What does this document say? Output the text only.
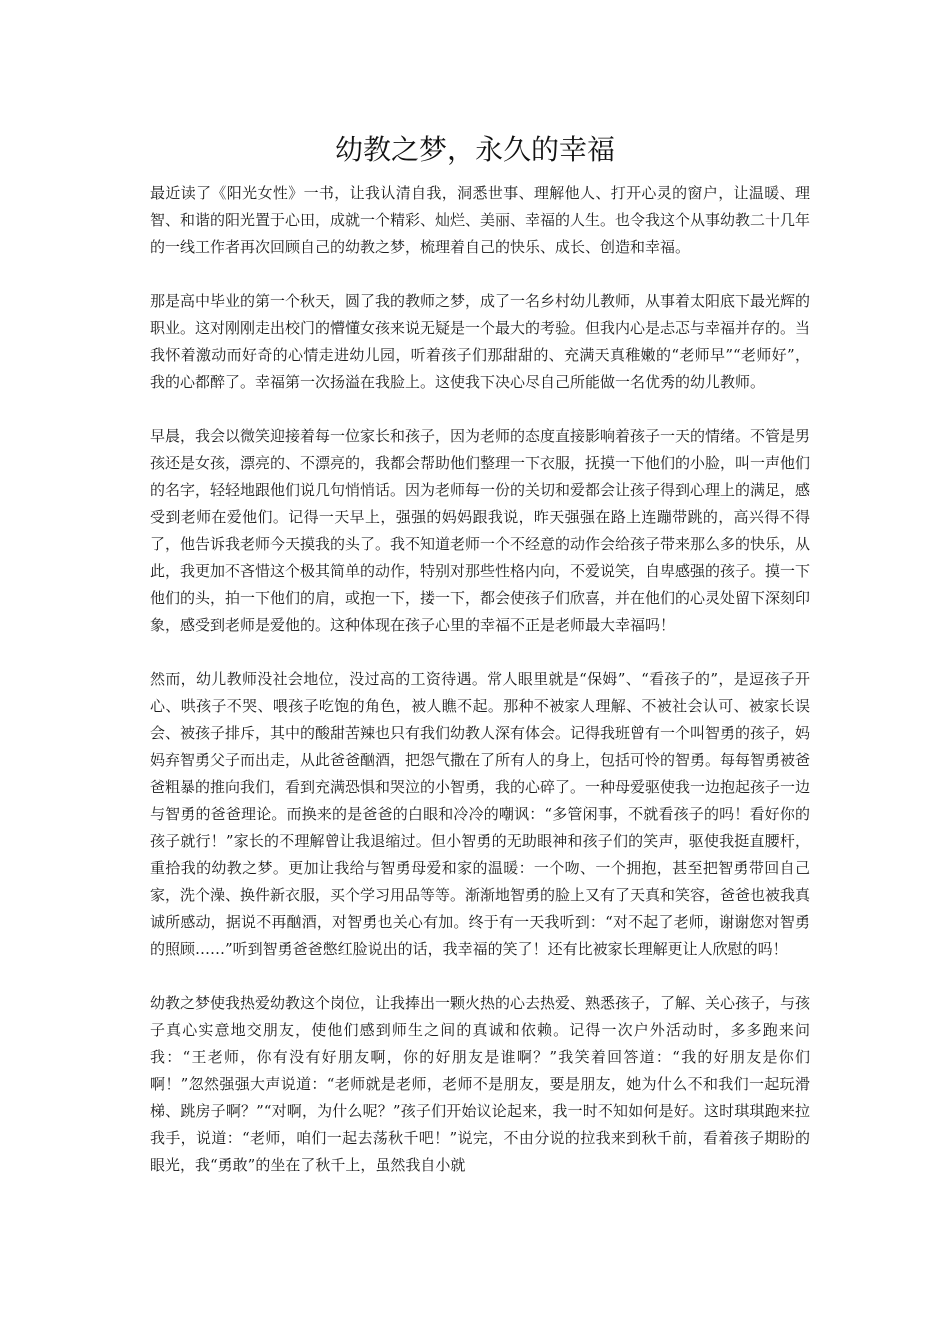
幼教之梦，永久的幸福

最近读了《阳光女性》一书，让我认清自我，洞悉世事、理解他人、打开心灵的窗户，让温暖、理智、和谐的阳光置于心田，成就一个精彩、灿烂、美丽、幸福的人生。也令我这个从事幼教二十几年的一线工作者再次回顾自己的幼教之梦，梳理着自己的快乐、成长、创造和幸福。

那是高中毕业的第一个秋天，圆了我的教师之梦，成了一名乡村幼儿教师，从事着太阳底下最光辉的职业。这对刚刚走出校门的懵懂女孩来说无疑是一个最大的考验。但我内心是忐忑与幸福并存的。当我怀着激动而好奇的心情走进幼儿园，听着孩子们那甜甜的、充满天真稚嫩的“老师早”“老师好”，我的心都醉了。幸福第一次扬溢在我脸上。这使我下决心尽自己所能做一名优秀的幼儿教师。

早晨，我会以微笑迎接着每一位家长和孩子，因为老师的态度直接影响着孩子一天的情绪。不管是男孩还是女孩，漂亮的、不漂亮的，我都会帮助他们整理一下衣服，抚摸一下他们的小脸，叫一声他们的名字，轻轻地跟他们说几句悄悄话。因为老师每一份的关切和爱都会让孩子得到心理上的满足，感受到老师在爱他们。记得一天早上，强强的妈妈跟我说，昨天强强在路上连蹦带跳的，高兴得不得了，他告诉我老师今天摸我的头了。我不知道老师一个不经意的动作会给孩子带来那么多的快乐，从此，我更加不吝惜这个极其简单的动作，特别对那些性格内向，不爱说笑，自卑感强的孩子。摸一下他们的头，拍一下他们的肩，或抱一下，搂一下，都会使孩子们欣喜，并在他们的心灵处留下深刻印象，感受到老师是爱他的。这种体现在孩子心里的幸福不正是老师最大幸福吗！

然而，幼儿教师没社会地位，没过高的工资待遇。常人眼里就是“保姆”、“看孩子的”，是逗孩子开心、哄孩子不哭、喂孩子吃饱的角色，被人瞧不起。那种不被家人理解、不被社会认可、被家长误会、被孩子排斥，其中的酸甜苦辣也只有我们幼教人深有体会。记得我班曾有一个叫智勇的孩子，妈妈弃智勇父子而出走，从此爸爸酗酒，把怨气撒在了所有人的身上，包括可怜的智勇。每每智勇被爸爸粗暴的推向我们，看到充满恐惧和哭泣的小智勇，我的心碎了。一种母爱驱使我一边抱起孩子一边与智勇的爸爸理论。而换来的是爸爸的白眼和冷冷的嘲讽：“多管闲事，不就看孩子的吗！看好你的孩子就行！”家长的不理解曾让我退缩过。但小智勇的无助眼神和孩子们的笑声，驱使我挺直腰杆，重拾我的幼教之梦。更加让我给与智勇母爱和家的温暖：一个吻、一个拥抱，甚至把智勇带回自己家，洗个澡、换件新衣服，买个学习用品等等。渐渐地智勇的脸上又有了天真和笑容，爸爸也被我真诚所感动，据说不再酗酒，对智勇也关心有加。终于有一天我听到：“对不起了老师，谢谢您对智勇的照顾……”听到智勇爸爸憋红脸说出的话，我幸福的笑了！还有比被家长理解更让人欣慰的吗！

幼教之梦使我热爱幼教这个岗位，让我捧出一颗火热的心去热爱、熟悉孩子，了解、关心孩子，与孩子真心实意地交朋友，使他们感到师生之间的真诚和依赖。记得一次户外活动时，多多跑来问我：“王老师，你有没有好朋友啊，你的好朋友是谁啊？”我笑着回答道：“我的好朋友是你们啊！”忽然强强大声说道：“老师就是老师，老师不是朋友，要是朋友，她为什么不和我们一起玩滑梯、跳房子啊？”“对啊，为什么呢？”孩子们开始议论起来，我一时不知如何是好。这时琪琪跑来拉我手，说道：“老师，咱们一起去荡秋千吧！”说完，不由分说的拉我来到秋千前，看着孩子期盼的眼光，我“勇敢”的坐在了秋千上，虽然我自小就
